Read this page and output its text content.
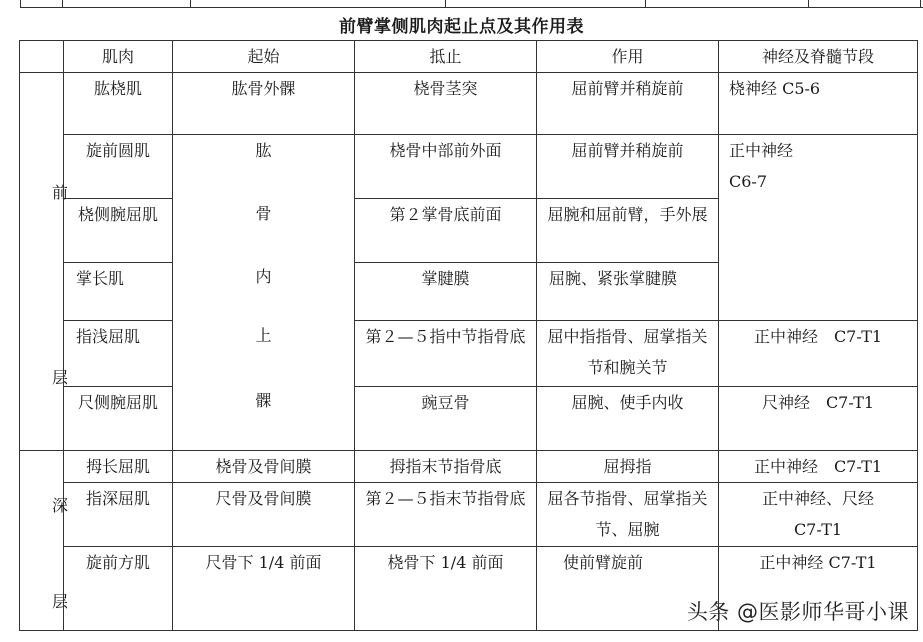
前臂掌侧肌肉起止点及其作用表
	肌肉	起始	抵止	作用	神经及脊髓节段

前
层	肱桡肌	肱骨外髁	桡骨茎突	屈前臂并稍旋前	桡神经 C5-6
	旋前圆肌	肱
骨
内
上
髁	桡骨中部前外面	屈前臂并稍旋前	正中神经
C6-7

	桡侧腕屈肌		第２掌骨底前面	屈腕和屈前臂，手外展	
	掌长肌		掌腱膜	屈腕、紧张掌腱膜	
	指浅屈肌		第２—５指中节指骨底	屈中指指骨、屈掌指关节和腕关节	正中神经　C7-T1
	尺侧腕屈肌		豌豆骨	屈腕、使手内收	尺神经　C7-T1

深
层	拇长屈肌	桡骨及骨间膜	拇指末节指骨底	屈拇指	正中神经　C7-T1
	指深屈肌	尺骨及骨间膜	第２—５指末节指骨底	屈各节指骨、屈掌指关节、屈腕	正中神经、尺经C7-T1
	旋前方肌	尺骨下 1/4 前面	桡骨下 1/4 前面	使前臂旋前	正中神经 C7-T1
头条 @医影师华哥小课
